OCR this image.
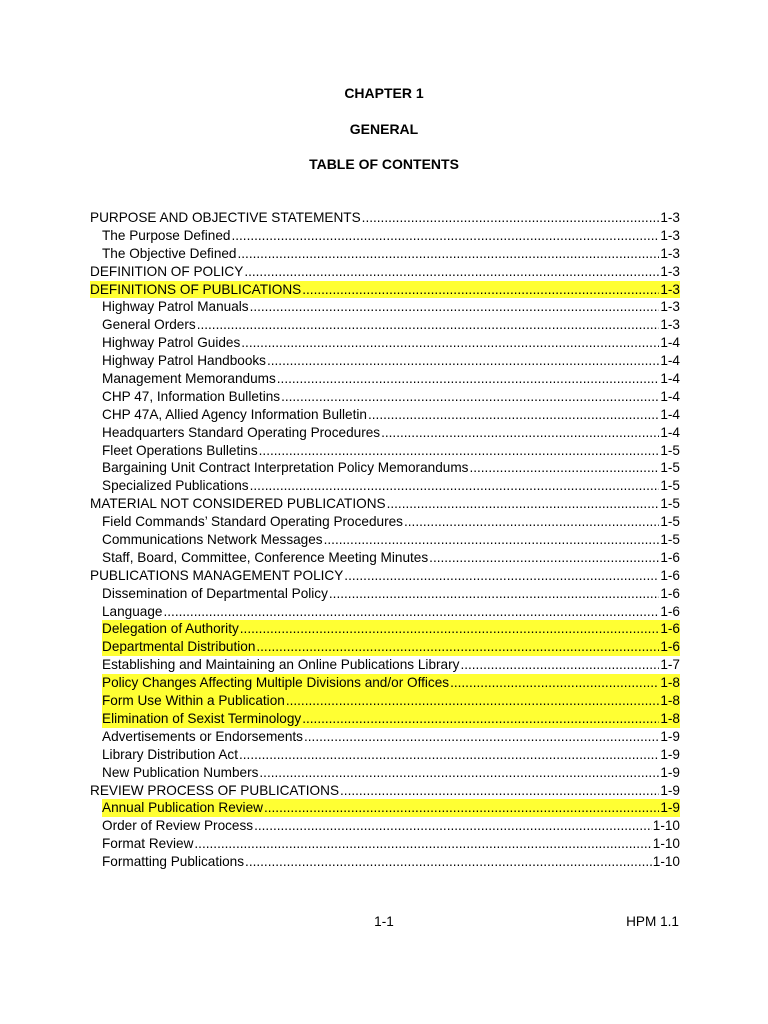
CHAPTER 1
GENERAL
TABLE OF CONTENTS
PURPOSE AND OBJECTIVE STATEMENTS .....	1-3
The Purpose Defined .....	1-3
The Objective Defined .....	1-3
DEFINITION OF POLICY .....	1-3
DEFINITIONS OF PUBLICATIONS .....	1-3
Highway Patrol Manuals .....	1-3
General Orders .....	1-3
Highway Patrol Guides .....	1-4
Highway Patrol Handbooks .....	1-4
Management Memorandums .....	1-4
CHP 47, Information Bulletins .....	1-4
CHP 47A, Allied Agency Information Bulletin .....	1-4
Headquarters Standard Operating Procedures .....	1-4
Fleet Operations Bulletins .....	1-5
Bargaining Unit Contract Interpretation Policy Memorandums .....	1-5
Specialized Publications .....	1-5
MATERIAL NOT CONSIDERED PUBLICATIONS .....	1-5
Field Commands’ Standard Operating Procedures .....	1-5
Communications Network Messages .....	1-5
Staff, Board, Committee, Conference Meeting Minutes .....	1-6
PUBLICATIONS MANAGEMENT POLICY .....	1-6
Dissemination of Departmental Policy .....	1-6
Language .....	1-6
Delegation of Authority .....	1-6
Departmental Distribution .....	1-6
Establishing and Maintaining an Online Publications Library .....	1-7
Policy Changes Affecting Multiple Divisions and/or Offices .....	1-8
Form Use Within a Publication .....	1-8
Elimination of Sexist Terminology .....	1-8
Advertisements or Endorsements .....	1-9
Library Distribution Act .....	1-9
New Publication Numbers .....	1-9
REVIEW PROCESS OF PUBLICATIONS .....	1-9
Annual Publication Review .....	1-9
Order of Review Process .....	1-10
Format Review .....	1-10
Formatting Publications .....	1-10
1-1	HPM 1.1
